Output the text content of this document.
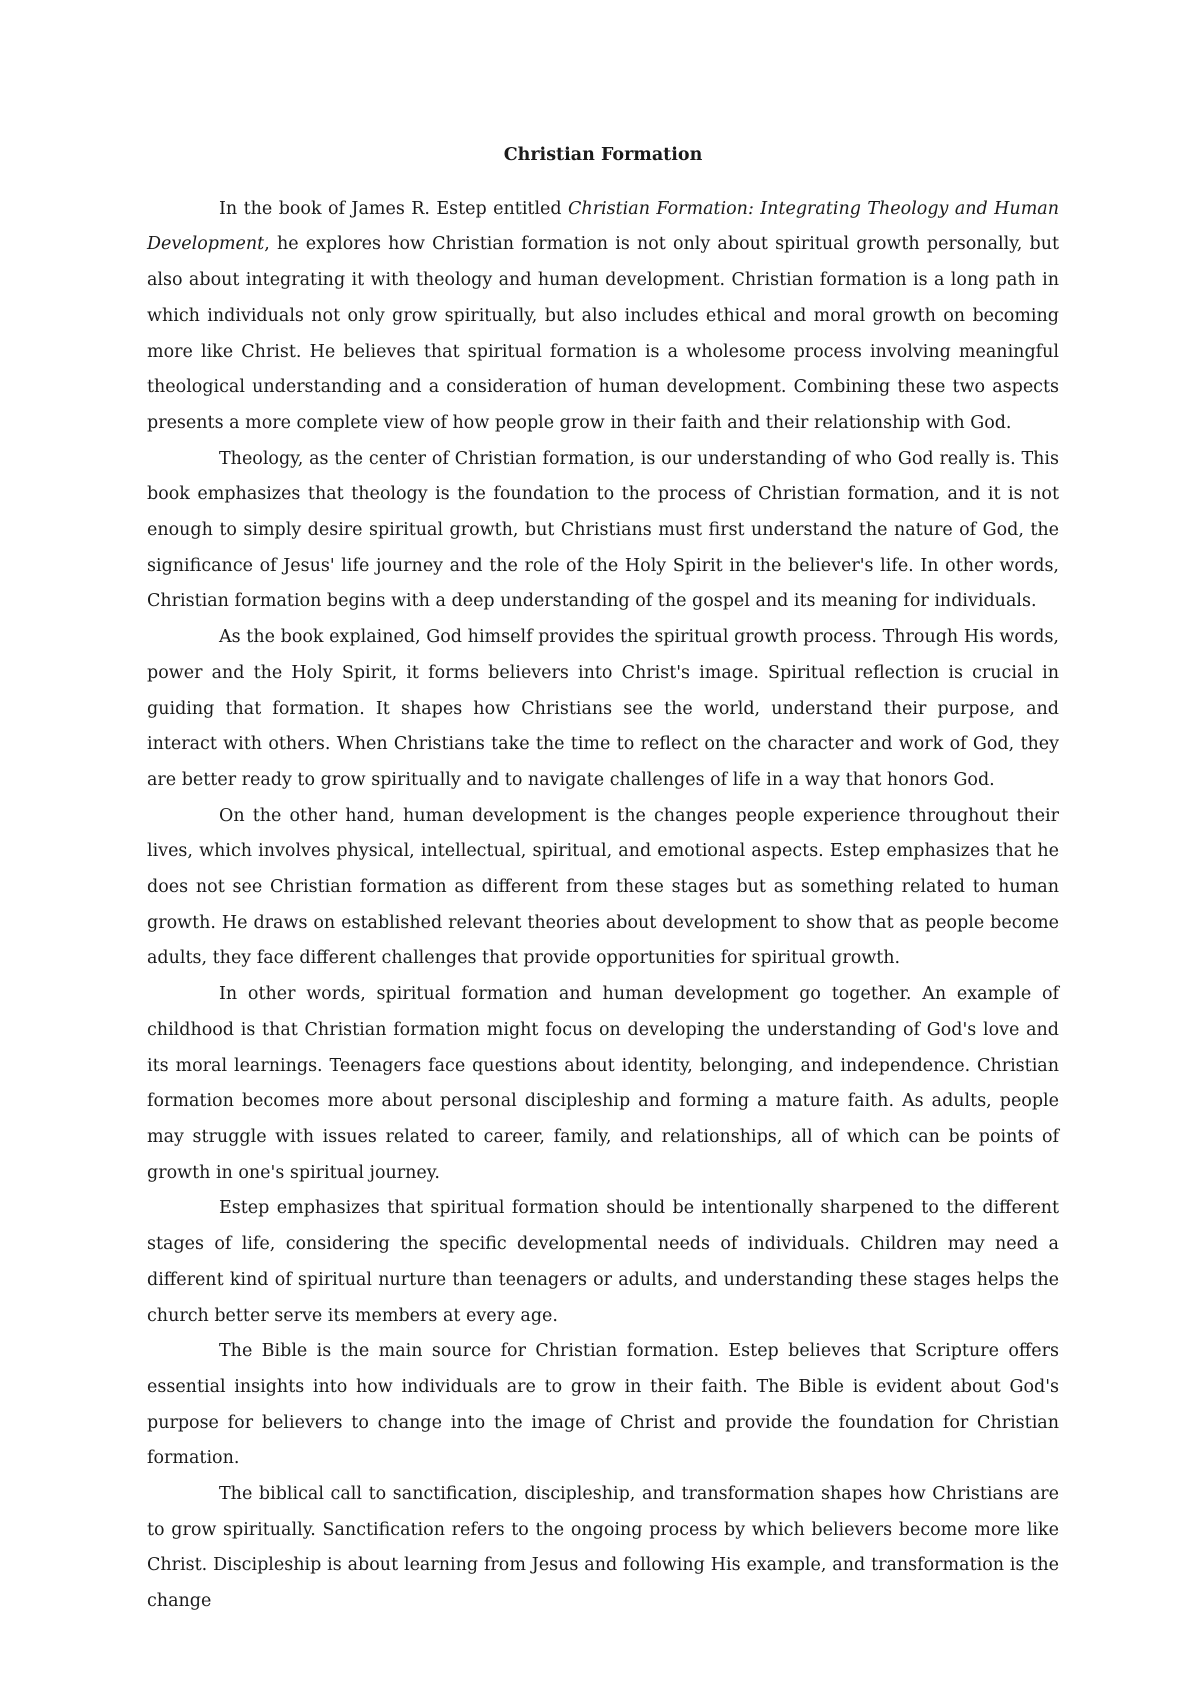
Christian Formation

In the book of James R. Estep entitled Christian Formation: Integrating Theology and Human Development, he explores how Christian formation is not only about spiritual growth personally, but also about integrating it with theology and human development. Christian formation is a long path in which individuals not only grow spiritually, but also includes ethical and moral growth on becoming more like Christ. He believes that spiritual formation is a wholesome process involving meaningful theological understanding and a consideration of human development. Combining these two aspects presents a more complete view of how people grow in their faith and their relationship with God.

Theology, as the center of Christian formation, is our understanding of who God really is. This book emphasizes that theology is the foundation to the process of Christian formation, and it is not enough to simply desire spiritual growth, but Christians must first understand the nature of God, the significance of Jesus' life journey and the role of the Holy Spirit in the believer's life. In other words, Christian formation begins with a deep understanding of the gospel and its meaning for individuals.

As the book explained, God himself provides the spiritual growth process. Through His words, power and the Holy Spirit, it forms believers into Christ's image. Spiritual reflection is crucial in guiding that formation. It shapes how Christians see the world, understand their purpose, and interact with others. When Christians take the time to reflect on the character and work of God, they are better ready to grow spiritually and to navigate challenges of life in a way that honors God.

On the other hand, human development is the changes people experience throughout their lives, which involves physical, intellectual, spiritual, and emotional aspects. Estep emphasizes that he does not see Christian formation as different from these stages but as something related to human growth. He draws on established relevant theories about development to show that as people become adults, they face different challenges that provide opportunities for spiritual growth.

In other words, spiritual formation and human development go together. An example of childhood is that Christian formation might focus on developing the understanding of God's love and its moral learnings. Teenagers face questions about identity, belonging, and independence. Christian formation becomes more about personal discipleship and forming a mature faith. As adults, people may struggle with issues related to career, family, and relationships, all of which can be points of growth in one's spiritual journey.

Estep emphasizes that spiritual formation should be intentionally sharpened to the different stages of life, considering the specific developmental needs of individuals. Children may need a different kind of spiritual nurture than teenagers or adults, and understanding these stages helps the church better serve its members at every age.

The Bible is the main source for Christian formation. Estep believes that Scripture offers essential insights into how individuals are to grow in their faith. The Bible is evident about God's purpose for believers to change into the image of Christ and provide the foundation for Christian formation.

The biblical call to sanctification, discipleship, and transformation shapes how Christians are to grow spiritually. Sanctification refers to the ongoing process by which believers become more like Christ. Discipleship is about learning from Jesus and following His example, and transformation is the change
